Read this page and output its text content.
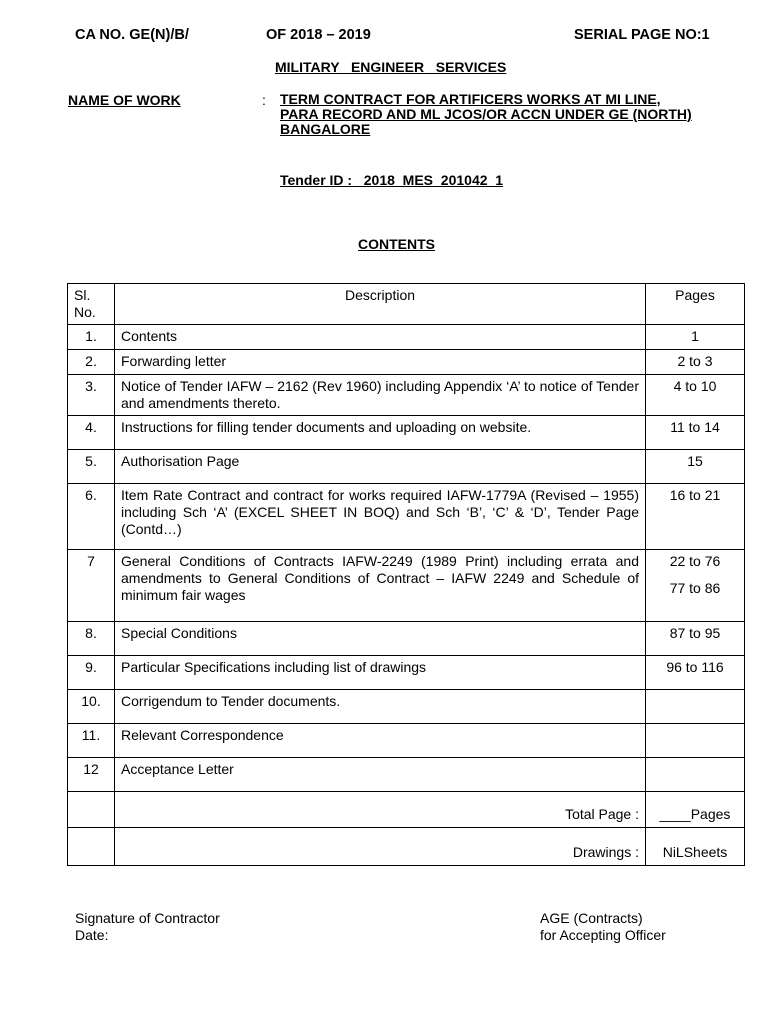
CA NO. GE(N)/B/	OF 2018 – 2019	SERIAL PAGE NO:1
MILITARY   ENGINEER   SERVICES
NAME OF WORK	: TERM CONTRACT FOR ARTIFICERS WORKS AT MI LINE,
PARA RECORD AND ML JCOS/OR ACCN UNDER GE (NORTH)
BANGALORE
Tender ID :   2018_MES_201042_1
CONTENTS
Sl. No.	Description	Pages
1.	Contents	1
2.	Forwarding letter	2 to 3
3.	Notice of Tender IAFW – 2162 (Rev 1960) including Appendix ‘A’ to notice of Tender and amendments thereto.	4 to 10
4.	Instructions for filling tender documents and uploading on website.	11 to 14
5.	Authorisation Page	15
6.	Item Rate Contract and contract for works required IAFW-1779A (Revised – 1955) including Sch ‘A’ (EXCEL SHEET IN BOQ) and Sch ‘B’, ‘C’ & ‘D’, Tender Page (Contd…)	16 to 21
7	General Conditions of Contracts IAFW-2249 (1989 Print) including errata and amendments to General Conditions of Contract – IAFW 2249 and Schedule of minimum fair wages	22 to 76
77 to 86

8.	Special Conditions	87 to 95
9.	Particular Specifications including list of drawings	96 to 116
10.	Corrigendum to Tender documents.	
11.	Relevant Correspondence	
12	Acceptance Letter	
	Total Page :	____Pages
	Drawings :	NiLSheets
Signature of Contractor
Date:
AGE (Contracts)
for Accepting Officer
